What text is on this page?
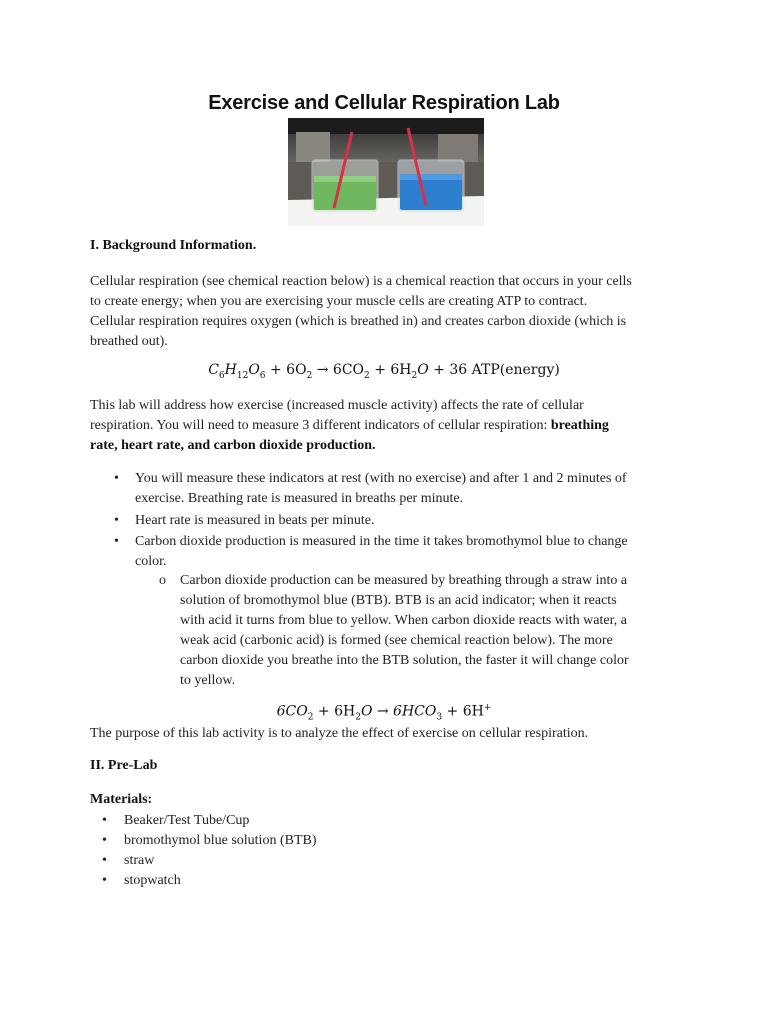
Exercise and Cellular Respiration Lab
I. Background Information.
Cellular respiration (see chemical reaction below) is a chemical reaction that occurs in your cells
to create energy; when you are exercising your muscle cells are creating ATP to contract.
Cellular respiration requires oxygen (which is breathed in) and creates carbon dioxide (which is
breathed out).
$C_6H_{12}O_6 + 6O_2 \to 6CO_2 + 6H_2O + 36$ ATP(energy)
This lab will address how exercise (increased muscle activity) affects the rate of cellular
respiration. You will need to measure 3 different indicators of cellular respiration: breathing
rate, heart rate, and carbon dioxide production.
• You will measure these indicators at rest (with no exercise) and after 1 and 2 minutes of
exercise. Breathing rate is measured in breaths per minute.
• Heart rate is measured in beats per minute.
• Carbon dioxide production is measured in the time it takes bromothymol blue to change
color.
o Carbon dioxide production can be measured by breathing through a straw into a
solution of bromothymol blue (BTB). BTB is an acid indicator; when it reacts
with acid it turns from blue to yellow. When carbon dioxide reacts with water, a
weak acid (carbonic acid) is formed (see chemical reaction below). The more
carbon dioxide you breathe into the BTB solution, the faster it will change color
to yellow.
$6CO_2 + 6H_2O \to 6HCO_3 + 6H^+$
The purpose of this lab activity is to analyze the effect of exercise on cellular respiration.
II. Pre-Lab
Materials:
• Beaker/Test Tube/Cup
• bromothymol blue solution (BTB)
• straw
• stopwatch
